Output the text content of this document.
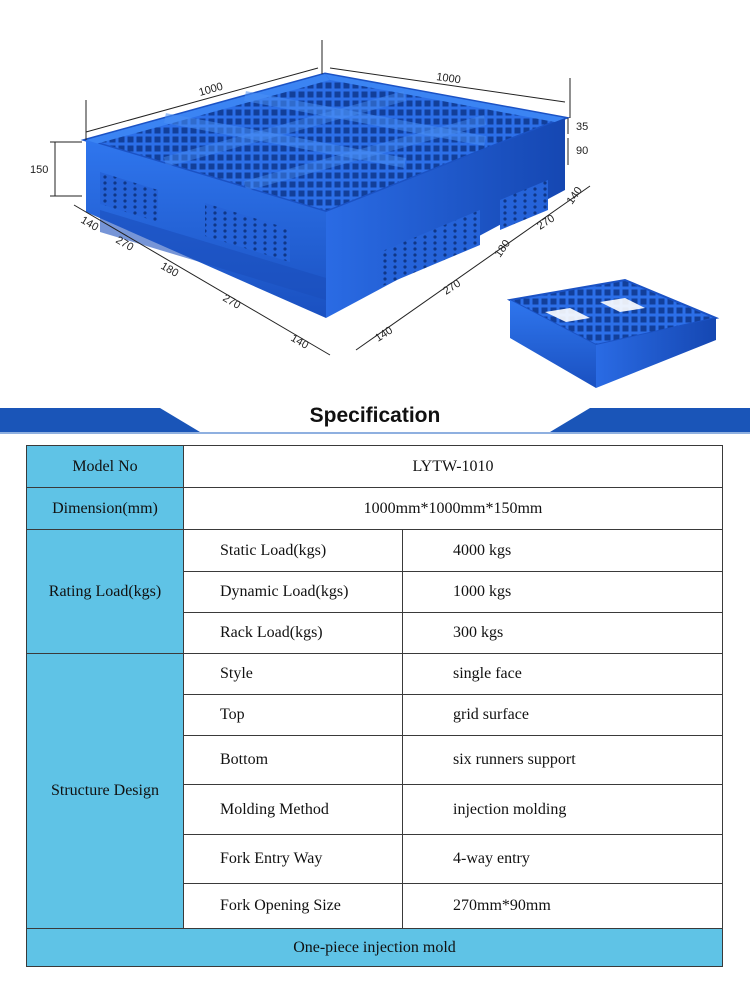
1000
1000
150
35
90
140
270
180
270
140	140
270
180
270
140
Specification
Model No	LYTW-1010	
Dimension(mm)	1000mm*1000mm*150mm	
Rating Load(kgs)	Static Load(kgs)	4000 kgs
	Dynamic Load(kgs)	1000 kgs
	Rack Load(kgs)	300 kgs
Structure Design	Style	single face
	Top	grid surface
	Bottom	six runners support
	Molding Method	injection molding
	Fork Entry Way	4-way entry
	Fork Opening Size	270mm*90mm
One-piece injection mold		
